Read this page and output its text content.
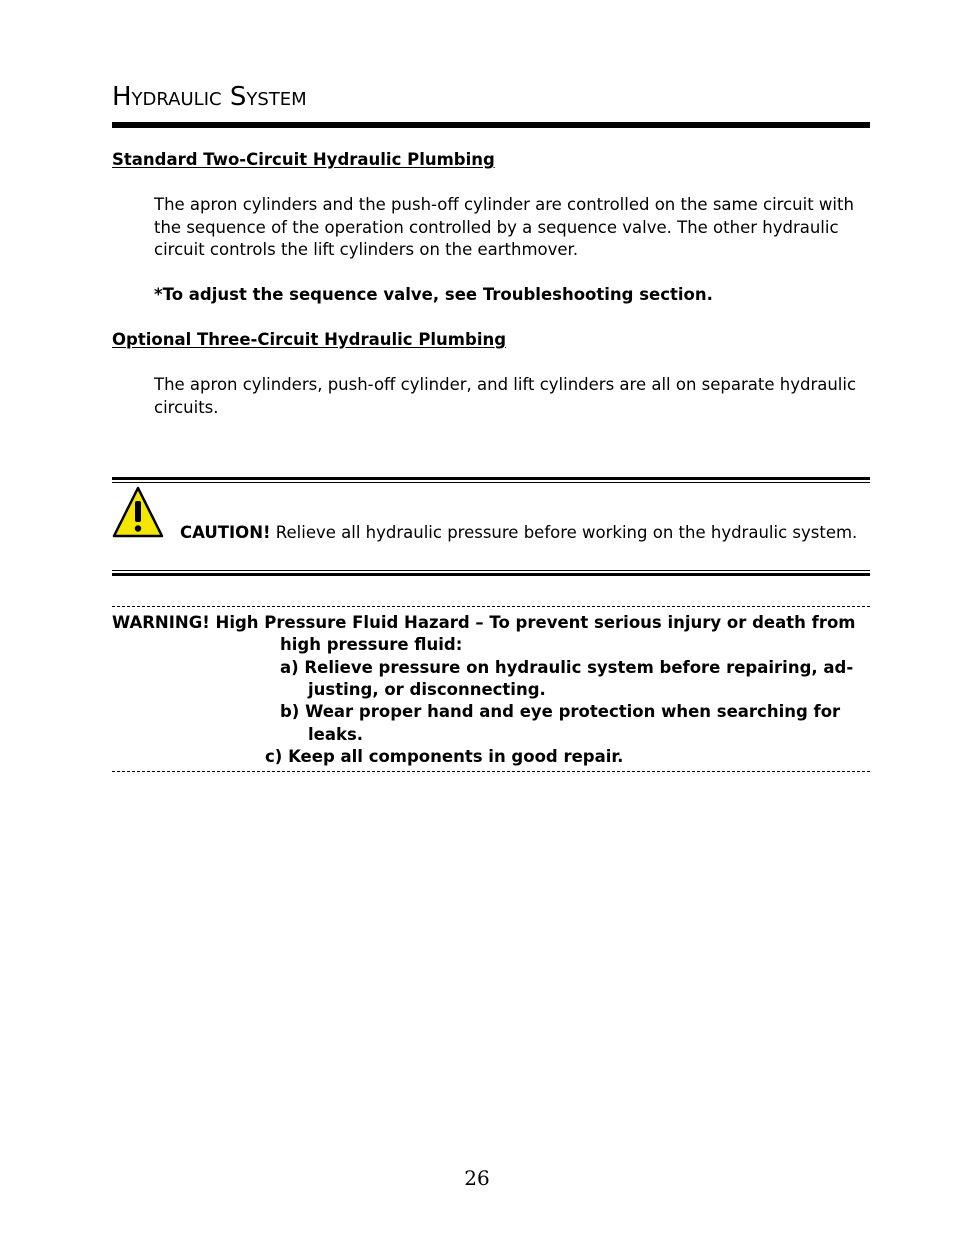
Hydraulic System
Standard Two-Circuit Hydraulic Plumbing
The apron cylinders and the push-off cylinder are controlled on the same circuit with
the sequence of the operation controlled by a sequence valve. The other hydraulic
circuit controls the lift cylinders on the earthmover.
*To adjust the sequence valve, see Troubleshooting section.
Optional Three-Circuit Hydraulic Plumbing
The apron cylinders, push-off cylinder, and lift cylinders are all on separate hydraulic
circuits.
CAUTION! Relieve all hydraulic pressure before working on the hydraulic system.
WARNING! High Pressure Fluid Hazard – To prevent serious injury or death from
high pressure fluid:
a) Relieve pressure on hydraulic system before repairing, ad-
justing, or disconnecting.
b) Wear proper hand and eye protection when searching for
leaks.
c) Keep all components in good repair.
26
